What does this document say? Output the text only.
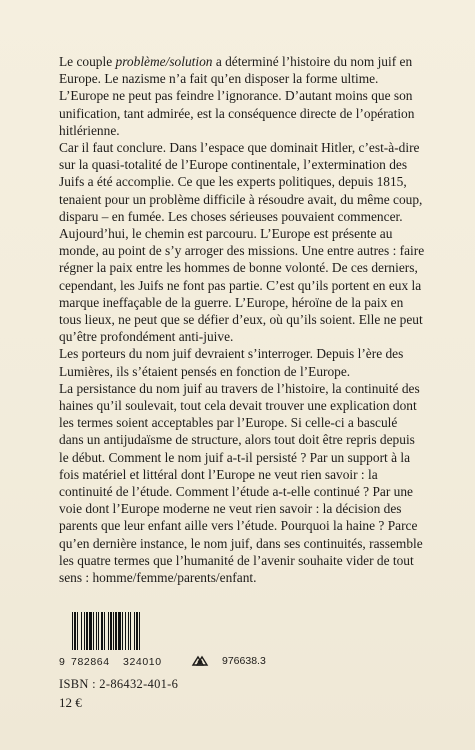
Le couple problème/solution a déterminé l’histoire du nom juif en Europe. Le nazisme n’a fait qu’en disposer la forme ultime.

L’Europe ne peut pas feindre l’ignorance. D’autant moins que son unification, tant admirée, est la conséquence directe de l’opération hitlérienne.

Car il faut conclure. Dans l’espace que dominait Hitler, c’est-à-dire sur la quasi-totalité de l’Europe continentale, l’extermination des Juifs a été accomplie. Ce que les experts politiques, depuis 1815, tenaient pour un problème difficile à résoudre avait, du même coup, disparu – en fumée. Les choses sérieuses pouvaient commencer.

Aujourd’hui, le chemin est parcouru. L’Europe est présente au monde, au point de s’y arroger des missions. Une entre autres : faire régner la paix entre les hommes de bonne volonté. De ces derniers, cependant, les Juifs ne font pas partie. C’est qu’ils portent en eux la marque ineffaçable de la guerre. L’Europe, héroïne de la paix en tous lieux, ne peut que se défier d’eux, où qu’ils soient. Elle ne peut qu’être profondément anti-juive.

Les porteurs du nom juif devraient s’interroger. Depuis l’ère des Lumières, ils s’étaient pensés en fonction de l’Europe.

La persistance du nom juif au travers de l’histoire, la continuité des haines qu’il soulevait, tout cela devait trouver une explication dont les termes soient acceptables par l’Europe. Si celle-ci a basculé dans un antijudaïsme de structure, alors tout doit être repris depuis le début. Comment le nom juif a-t-il persisté ? Par un support à la fois matériel et littéral dont l’Europe ne veut rien savoir : la continuité de l’étude. Comment l’étude a-t-elle continué ? Par une voie dont l’Europe moderne ne veut rien savoir : la décision des parents que leur enfant aille vers l’étude. Pourquoi la haine ? Parce qu’en dernière instance, le nom juif, dans ses continuités, rassemble les quatre termes que l’humanité de l’avenir souhaite vider de tout sens : homme/femme/parents/enfant.

9 782864	324010	976638.3
ISBN : 2-86432-401-6
12 €
